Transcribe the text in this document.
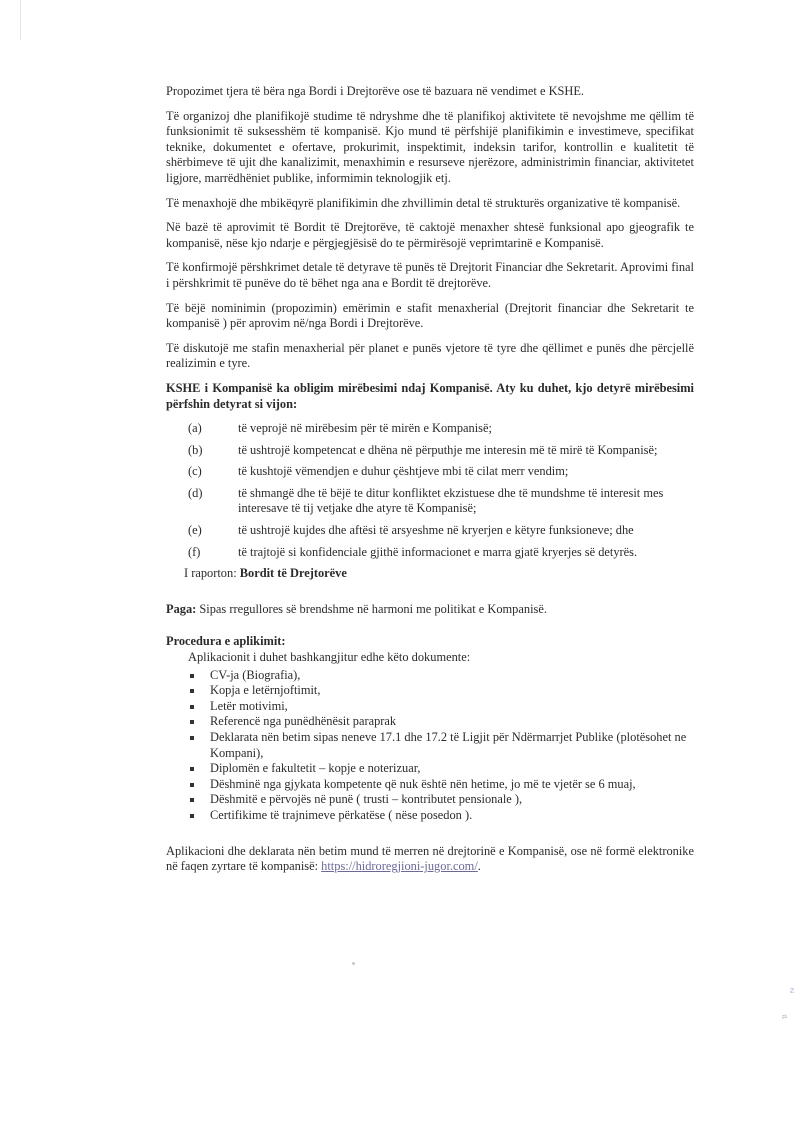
ᴤ
≈

Propozimet tjera të bëra nga Bordi i Drejtorëve ose të bazuara në vendimet e KSHE.

Të organizoj dhe planifikojë studime të ndryshme dhe të planifikoj aktivitete të nevojshme me qëllim të funksionimit të suksesshëm të kompanisë. Kjo mund të përfshijë planifikimin e investimeve, specifikat teknike, dokumentet e ofertave, prokurimit, inspektimit, indeksin tarifor, kontrollin e kualitetit të shërbimeve të ujit dhe kanalizimit, menaxhimin e resurseve njerëzore, administrimin financiar, aktivitetet ligjore, marrëdhëniet publike, informimin teknologjik etj.

Të menaxhojë dhe mbikëqyrë planifikimin dhe zhvillimin detal të strukturës organizative të kompanisë.

Në bazë të aprovimit të Bordit të Drejtorëve, të caktojë menaxher shtesë funksional apo gjeografik te kompanisë, nëse kjo ndarje e përgjegjësisë do te përmirësojë veprimtarinë e Kompanisë.

Të konfirmojë përshkrimet detale të detyrave të punës të Drejtorit Financiar dhe Sekretarit. Aprovimi final i përshkrimit të punëve do të bëhet nga ana e Bordit të drejtorëve.

Të bëjë nominimin (propozimin) emërimin e stafit menaxherial (Drejtorit financiar dhe Sekretarit te kompanisë ) për aprovim në/nga Bordi i Drejtorëve.

Të diskutojë me stafin menaxherial për planet e punës vjetore të tyre dhe qëllimet e punës dhe përcjellë realizimin e tyre.

KSHE i Kompanisë ka obligim mirëbesimi ndaj Kompanisë. Aty ku duhet, kjo detyrë mirëbesimi përfshin detyrat si vijon:

(a)	të veprojë në mirëbesim për të mirën e Kompanisë;
(b)	të ushtrojë kompetencat e dhëna në përputhje me interesin më të mirë të Kompanisë;
(c)	të kushtojë vëmendjen e duhur çështjeve mbi të cilat merr vendim;
(d)	të shmangë dhe të bëjë te ditur konfliktet ekzistuese dhe të mundshme të interesit mes interesave të tij vetjake dhe atyre të Kompanisë;
(e)	të ushtrojë kujdes dhe aftësi të arsyeshme në kryerjen e këtyre funksioneve; dhe
(f)	të trajtojë si konfidenciale gjithë informacionet e marra gjatë kryerjes së detyrës.

I raporton: Bordit të Drejtorëve

Paga: Sipas rregullores së brendshme në harmoni me politikat e Kompanisë.

Procedura e aplikimit:

Aplikacionit i duhet bashkangjitur edhe këto dokumente:

CV-ja (Biografia),
Kopja e letërnjoftimit,
Letër motivimi,
Referencë nga punëdhënësit paraprak
Deklarata nën betim sipas neneve 17.1 dhe 17.2 të Ligjit për Ndërmarrjet Publike (plotësohet ne Kompani),
Diplomën e fakultetit – kopje e noterizuar,
Dëshminë nga gjykata kompetente që nuk është nën hetime, jo më te vjetër se 6 muaj,
Dëshmitë e përvojës në punë ( trusti – kontributet pensionale ),
Certifikime të trajnimeve përkatëse ( nëse posedon ).

Aplikacioni dhe deklarata nën betim mund të merren në drejtorinë e Kompanisë, ose në formë elektronike në faqen zyrtare të kompanisë: https://hidroregjioni-jugor.com/.
